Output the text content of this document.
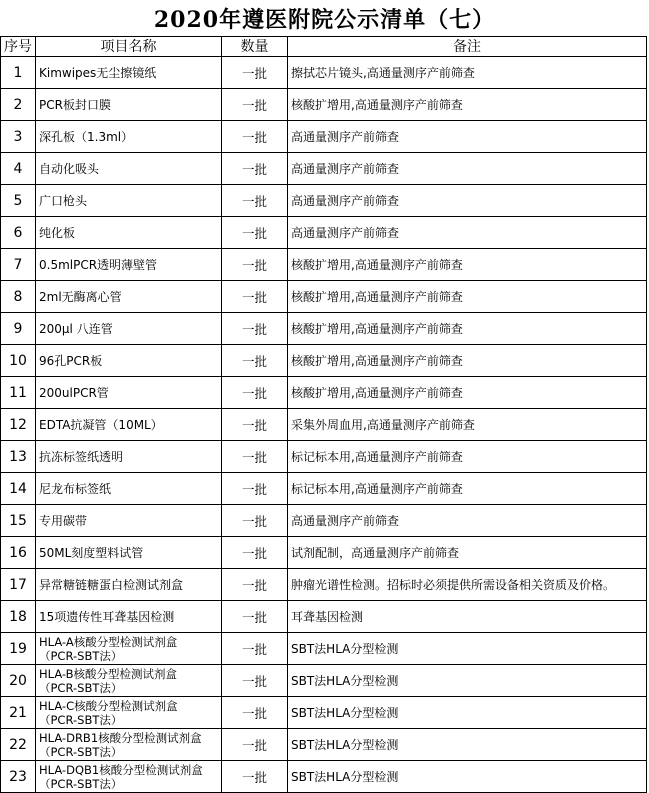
2020年遵医附院公示清单（七）
序号	项目名称	数量	备注
1	Kimwipes无尘擦镜纸	一批	擦拭芯片镜头,高通量测序产前筛查
2	PCR板封口膜	一批	核酸扩增用,高通量测序产前筛查
3	深孔板（1.3ml）	一批	高通量测序产前筛查
4	自动化吸头	一批	高通量测序产前筛查
5	广口枪头	一批	高通量测序产前筛查
6	纯化板	一批	高通量测序产前筛查
7	0.5mlPCR透明薄壁管	一批	核酸扩增用,高通量测序产前筛查
8	2ml无酶离心管	一批	核酸扩增用,高通量测序产前筛查
9	200μl 八连管	一批	核酸扩增用,高通量测序产前筛查
10	96孔PCR板	一批	核酸扩增用,高通量测序产前筛查
11	200ulPCR管	一批	核酸扩增用,高通量测序产前筛查
12	EDTA抗凝管（10ML）	一批	采集外周血用,高通量测序产前筛查
13	抗冻标签纸透明	一批	标记标本用,高通量测序产前筛查
14	尼龙布标签纸	一批	标记标本用,高通量测序产前筛查
15	专用碳带	一批	高通量测序产前筛查
16	50ML刻度塑料试管	一批	试剂配制，高通量测序产前筛查
17	异常糖链糖蛋白检测试剂盒	一批	肿瘤光谱性检测。招标时必须提供所需设备相关资质及价格。
18	15项遗传性耳聋基因检测	一批	耳聋基因检测
19	HLA-A核酸分型检测试剂盒
（PCR-SBT法）	一批	SBT法HLA分型检测
20	HLA-B核酸分型检测试剂盒
（PCR-SBT法）	一批	SBT法HLA分型检测
21	HLA-C核酸分型检测试剂盒
（PCR-SBT法）	一批	SBT法HLA分型检测
22	HLA-DRB1核酸分型检测试剂盒
（PCR-SBT法）	一批	SBT法HLA分型检测
23	HLA-DQB1核酸分型检测试剂盒
（PCR-SBT法）	一批	SBT法HLA分型检测
